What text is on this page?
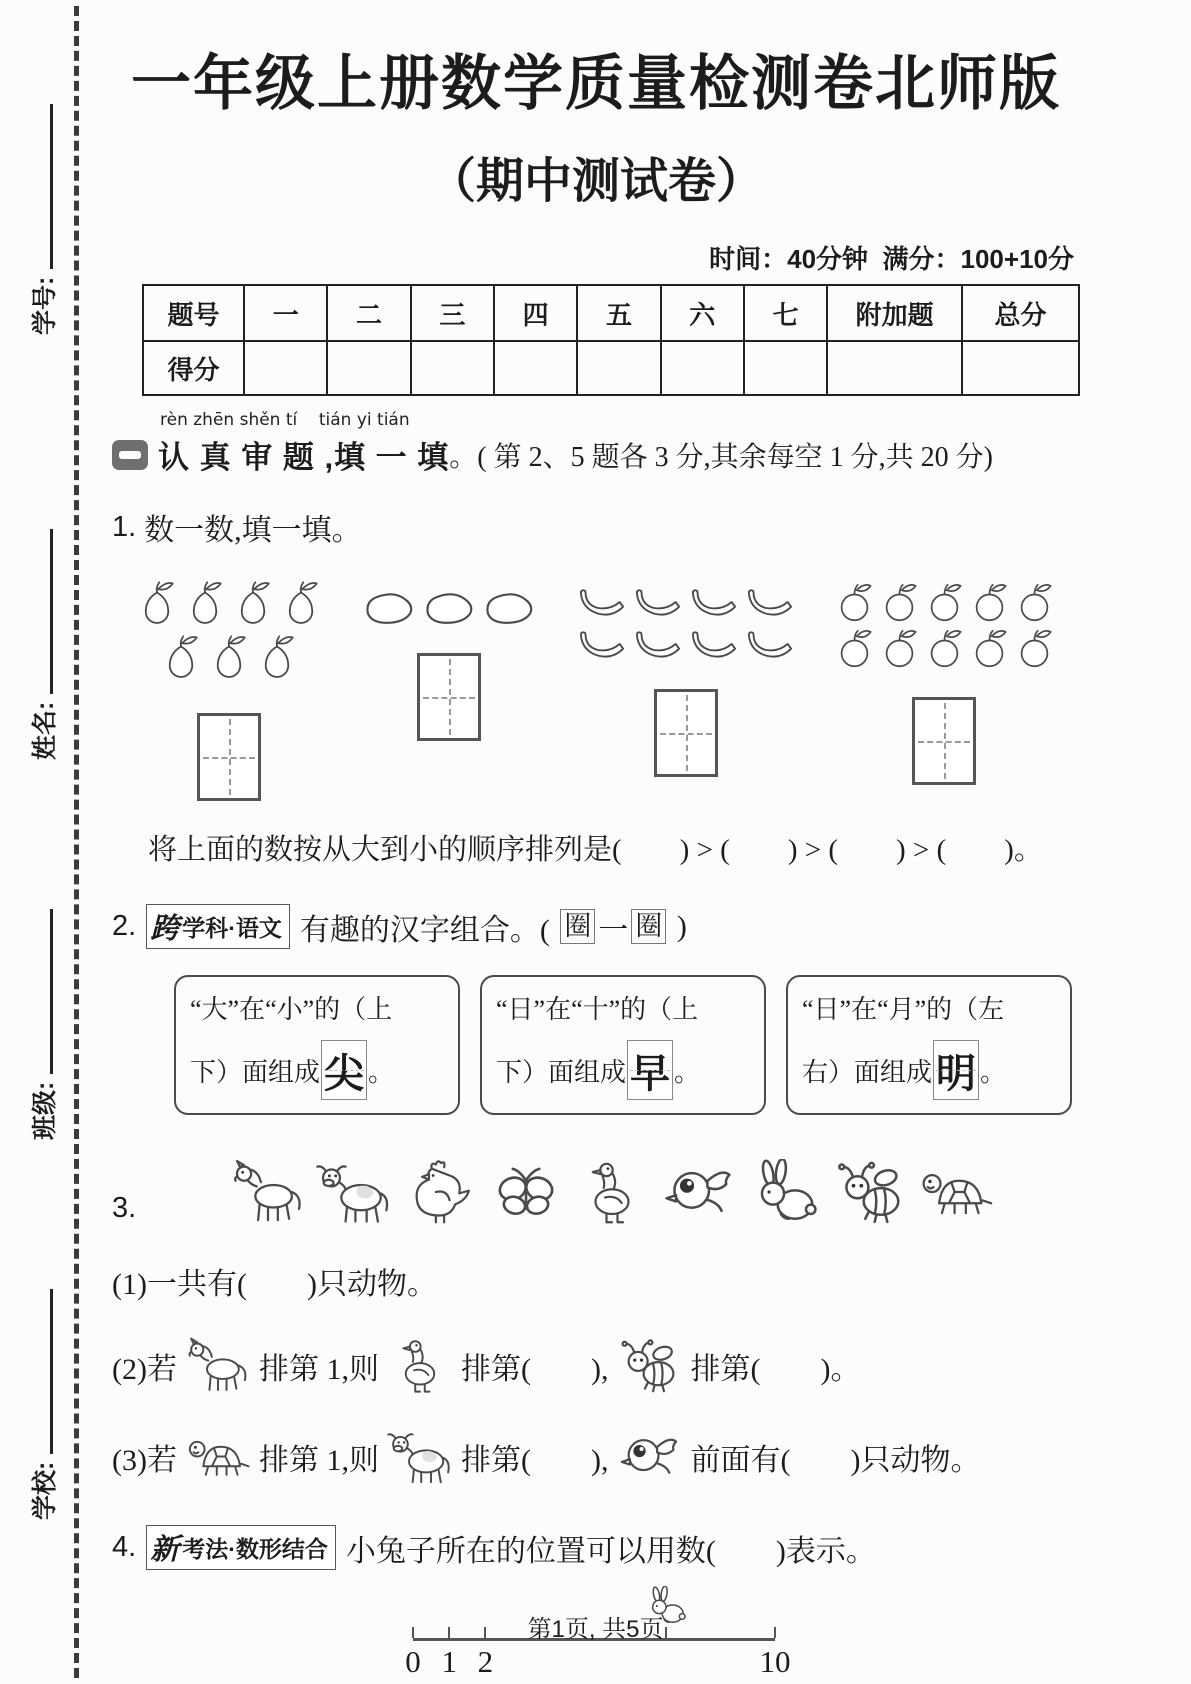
学号:
姓名:
班级:
学校:
一年级上册数学质量检测卷北师版
（期中测试卷）
时间：40分钟  满分：100+10分
题号	一	二	三	四	五	六	七	附加题	总分
得分									
rèn zhēn shěn tí    tián yi tián
认 真 审 题 ,填 一 填 。( 第 2、5 题各 3 分,其余每空 1 分,共 20 分)
1. 数一数,填一填。
将上面的数按从大到小的顺序排列是(        ) > (        ) > (        ) > (        )。
2. 跨 学科·语文 有趣的汉字组合。( 圈 一 圈 )
“大”在“小”的（上
下）面组成 尖 。
“日”在“十”的（上
下）面组成 早 。
“日”在“月”的（左
右）面组成 明 。
3.
(1)一共有(        )只动物。
(2)若	排第 1,则	排第(        ),	排第(        )。
(3)若	排第 1,则	排第(        ),	前面有(        )只动物。
4. 新 考法·数形结合 小兔子所在的位置可以用数(        )表示。
0 1 2	10
第1页, 共5页
